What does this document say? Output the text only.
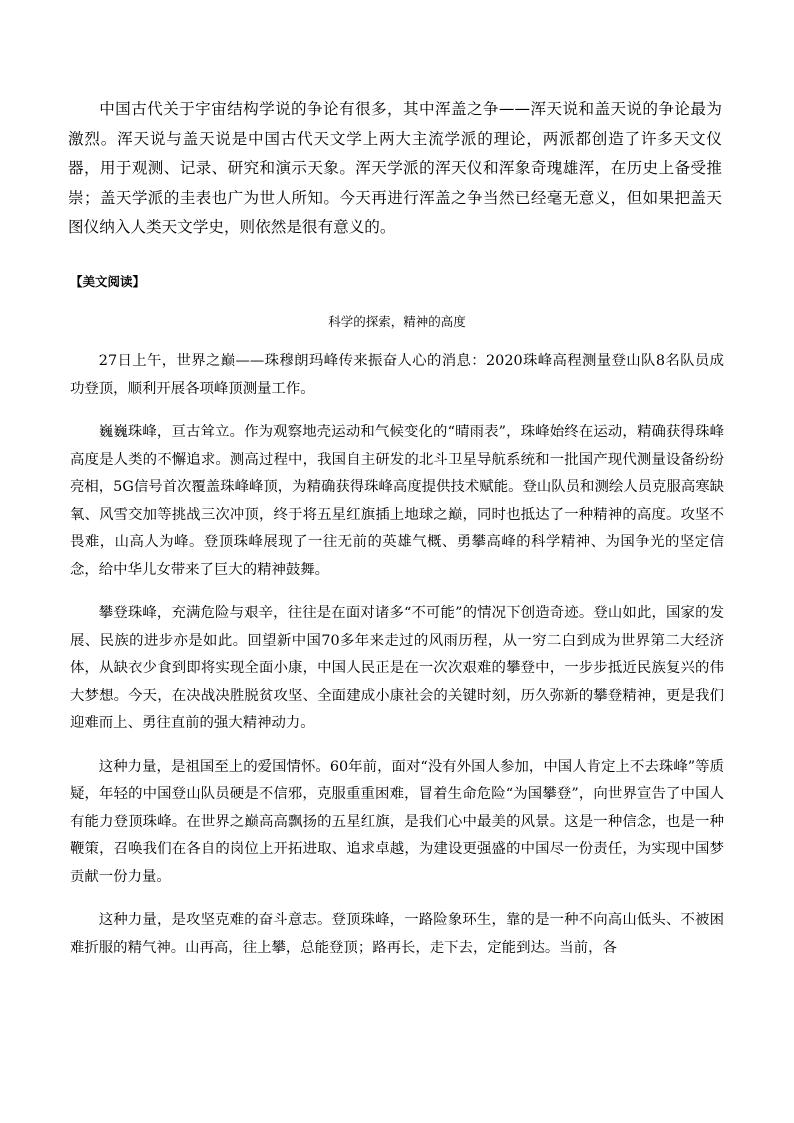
中国古代关于宇宙结构学说的争论有很多，其中浑盖之争——浑天说和盖天说的争论最为激烈。浑天说与盖天说是中国古代天文学上两大主流学派的理论，两派都创造了许多天文仪器，用于观测、记录、研究和演示天象。浑天学派的浑天仪和浑象奇瑰雄浑，在历史上备受推崇；盖天学派的圭表也广为世人所知。今天再进行浑盖之争当然已经毫无意义，但如果把盖天图仪纳入人类天文学史，则依然是很有意义的。

【美文阅读】

科学的探索，精神的高度

27日上午，世界之巅——珠穆朗玛峰传来振奋人心的消息：2020珠峰高程测量登山队8名队员成功登顶，顺利开展各项峰顶测量工作。

巍巍珠峰，亘古耸立。作为观察地壳运动和气候变化的“晴雨表”，珠峰始终在运动，精确获得珠峰高度是人类的不懈追求。测高过程中，我国自主研发的北斗卫星导航系统和一批国产现代测量设备纷纷亮相，5G信号首次覆盖珠峰峰顶，为精确获得珠峰高度提供技术赋能。登山队员和测绘人员克服高寒缺氧、风雪交加等挑战三次冲顶，终于将五星红旗插上地球之巅，同时也抵达了一种精神的高度。攻坚不畏难，山高人为峰。登顶珠峰展现了一往无前的英雄气概、勇攀高峰的科学精神、为国争光的坚定信念，给中华儿女带来了巨大的精神鼓舞。

攀登珠峰，充满危险与艰辛，往往是在面对诸多“不可能”的情况下创造奇迹。登山如此，国家的发展、民族的进步亦是如此。回望新中国70多年来走过的风雨历程，从一穷二白到成为世界第二大经济体，从缺衣少食到即将实现全面小康，中国人民正是在一次次艰难的攀登中，一步步抵近民族复兴的伟大梦想。今天，在决战决胜脱贫攻坚、全面建成小康社会的关键时刻，历久弥新的攀登精神，更是我们迎难而上、勇往直前的强大精神动力。

这种力量，是祖国至上的爱国情怀。60年前，面对“没有外国人参加，中国人肯定上不去珠峰”等质疑，年轻的中国登山队员硬是不信邪，克服重重困难，冒着生命危险“为国攀登”，向世界宣告了中国人有能力登顶珠峰。在世界之巅高高飘扬的五星红旗，是我们心中最美的风景。这是一种信念，也是一种鞭策，召唤我们在各自的岗位上开拓进取、追求卓越，为建设更强盛的中国尽一份责任，为实现中国梦贡献一份力量。

这种力量，是攻坚克难的奋斗意志。登顶珠峰，一路险象环生，靠的是一种不向高山低头、不被困难折服的精气神。山再高，往上攀，总能登顶；路再长，走下去，定能到达。当前，各
